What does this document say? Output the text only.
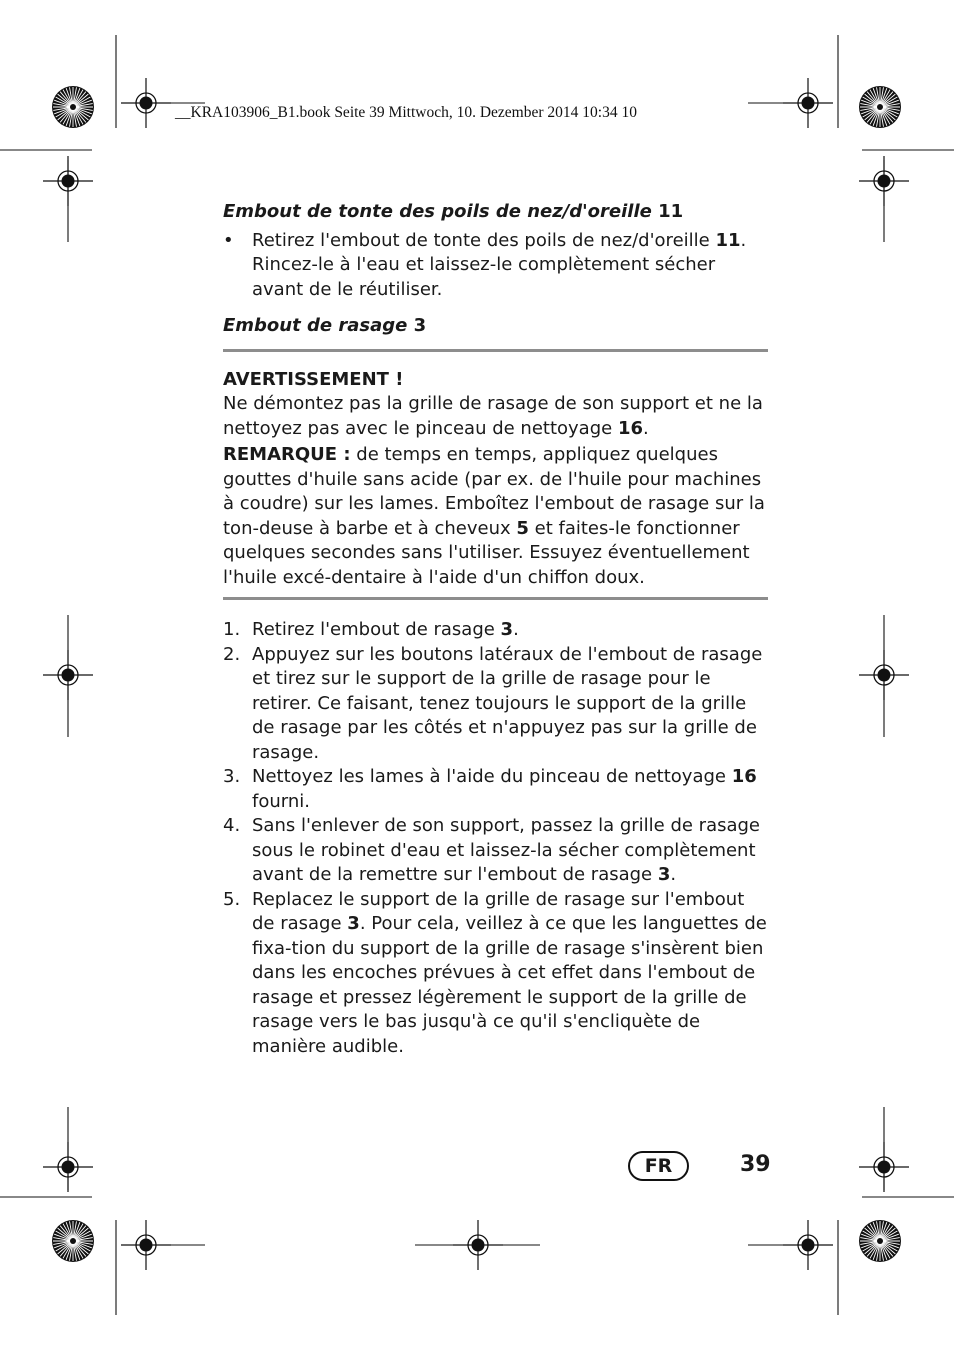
__KRA103906_B1.book Seite 39 Mittwoch, 10. Dezember 2014 10:34 10

Embout de tonte des poils de nez/d'oreille 11

• Retirez l'embout de tonte des poils de nez/d'oreille 11. Rincez-le à l'eau et laissez-le complètement sécher avant de le réutiliser.

Embout de rasage 3

AVERTISSEMENT !
Ne démontez pas la grille de rasage de son support et ne la nettoyez pas avec le pinceau de nettoyage 16.
REMARQUE : de temps en temps, appliquez quelques gouttes d'huile sans acide (par ex. de l'huile pour machines à coudre) sur les lames. Emboîtez l'embout de rasage sur la ton-deuse à barbe et à cheveux 5 et faites-le fonctionner quelques secondes sans l'utiliser. Essuyez éventuellement l'huile excé-dentaire à l'aide d'un chiffon doux.
1. Retirez l'embout de rasage 3.
2. Appuyez sur les boutons latéraux de l'embout de rasage et tirez sur le support de la grille de rasage pour le retirer. Ce faisant, tenez toujours le support de la grille de rasage par les côtés et n'appuyez pas sur la grille de rasage.
3. Nettoyez les lames à l'aide du pinceau de nettoyage 16 fourni.
4. Sans l'enlever de son support, passez la grille de rasage sous le robinet d'eau et laissez-la sécher complètement avant de la remettre sur l'embout de rasage 3.
5. Replacez le support de la grille de rasage sur l'embout de rasage 3. Pour cela, veillez à ce que les languettes de fixa-tion du support de la grille de rasage s'insèrent bien dans les encoches prévues à cet effet dans l'embout de rasage et pressez légèrement le support de la grille de rasage vers le bas jusqu'à ce qu'il s'encliquète de manière audible.
FR	39
